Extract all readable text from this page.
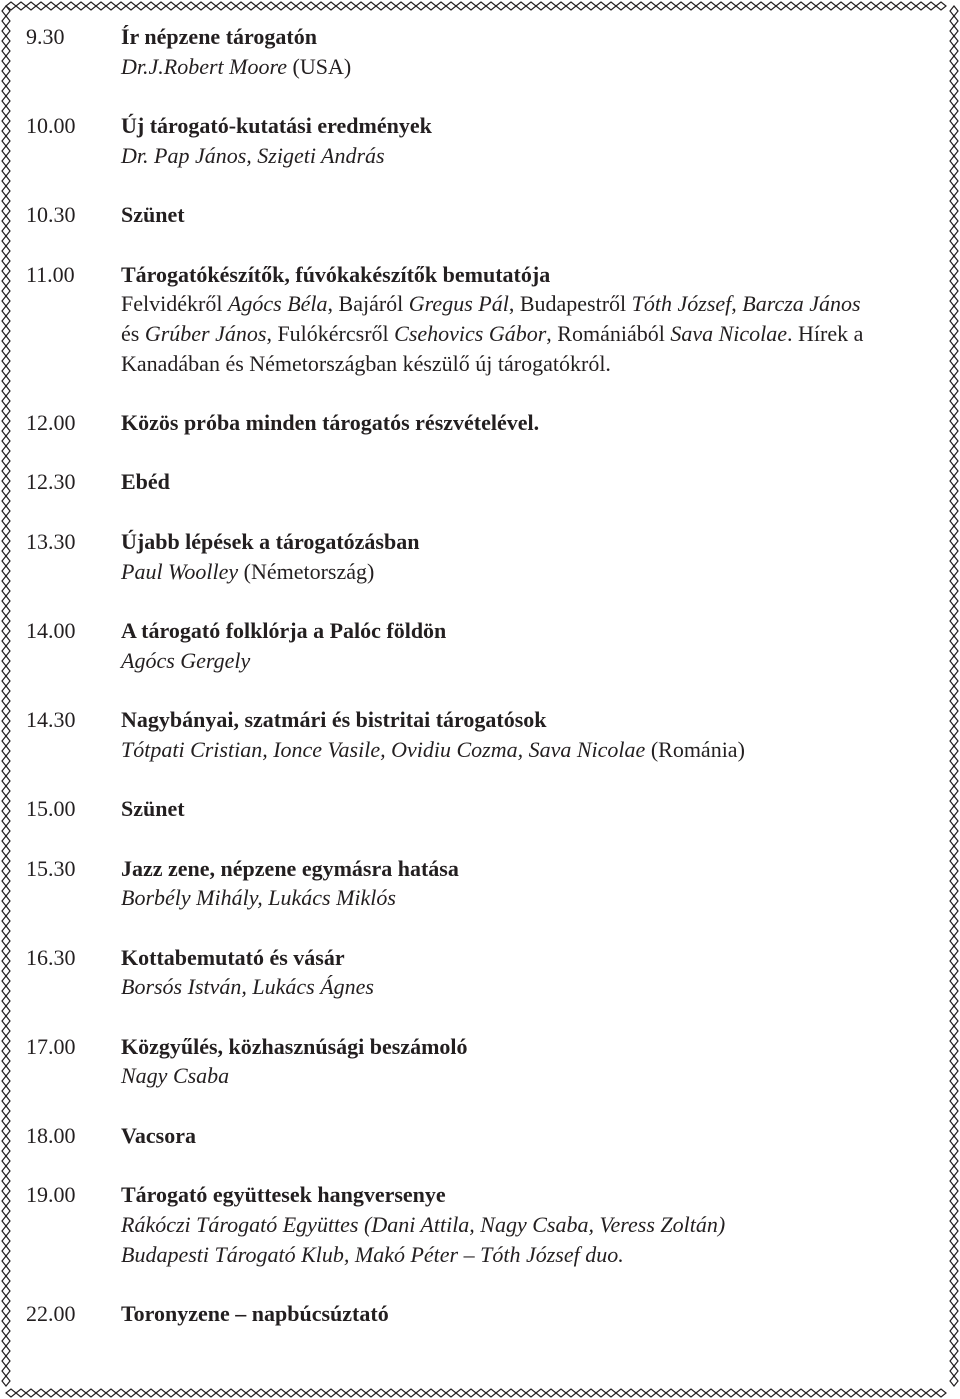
9.30	Ír népzene tárogatón
Dr.J.Robert Moore (USA)
10.00	Új tárogató-kutatási eredmények
Dr. Pap János, Szigeti András
10.30	Szünet
11.00	Tárogatókészítők, fúvókakészítők bemutatója
Felvidékről Agócs Béla, Bajáról Gregus Pál, Budapestről Tóth József, Barcza János
és Grúber János, Fulókércsről Csehovics Gábor, Romániából Sava Nicolae. Hírek a
Kanadában és Németországban készülő új tárogatókról.
12.00	Közös próba minden tárogatós részvételével.
12.30	Ebéd
13.30	Újabb lépések a tárogatózásban
Paul Woolley (Németország)
14.00	A tárogató folklórja a Palóc földön
Agócs Gergely
14.30	Nagybányai, szatmári és bistritai tárogatósok
Tótpati Cristian, Ionce Vasile, Ovidiu Cozma, Sava Nicolae (Románia)
15.00	Szünet
15.30	Jazz zene, népzene egymásra hatása
Borbély Mihály, Lukács Miklós
16.30	Kottabemutató és vásár
Borsós István, Lukács Ágnes
17.00	Közgyűlés, közhasznúsági beszámoló
Nagy Csaba
18.00	Vacsora
19.00	Tárogató együttesek hangversenye
Rákóczi Tárogató Együttes (Dani Attila, Nagy Csaba, Veress Zoltán)
Budapesti Tárogató Klub, Makó Péter – Tóth József duo.
22.00	Toronyzene – napbúcsúztató
